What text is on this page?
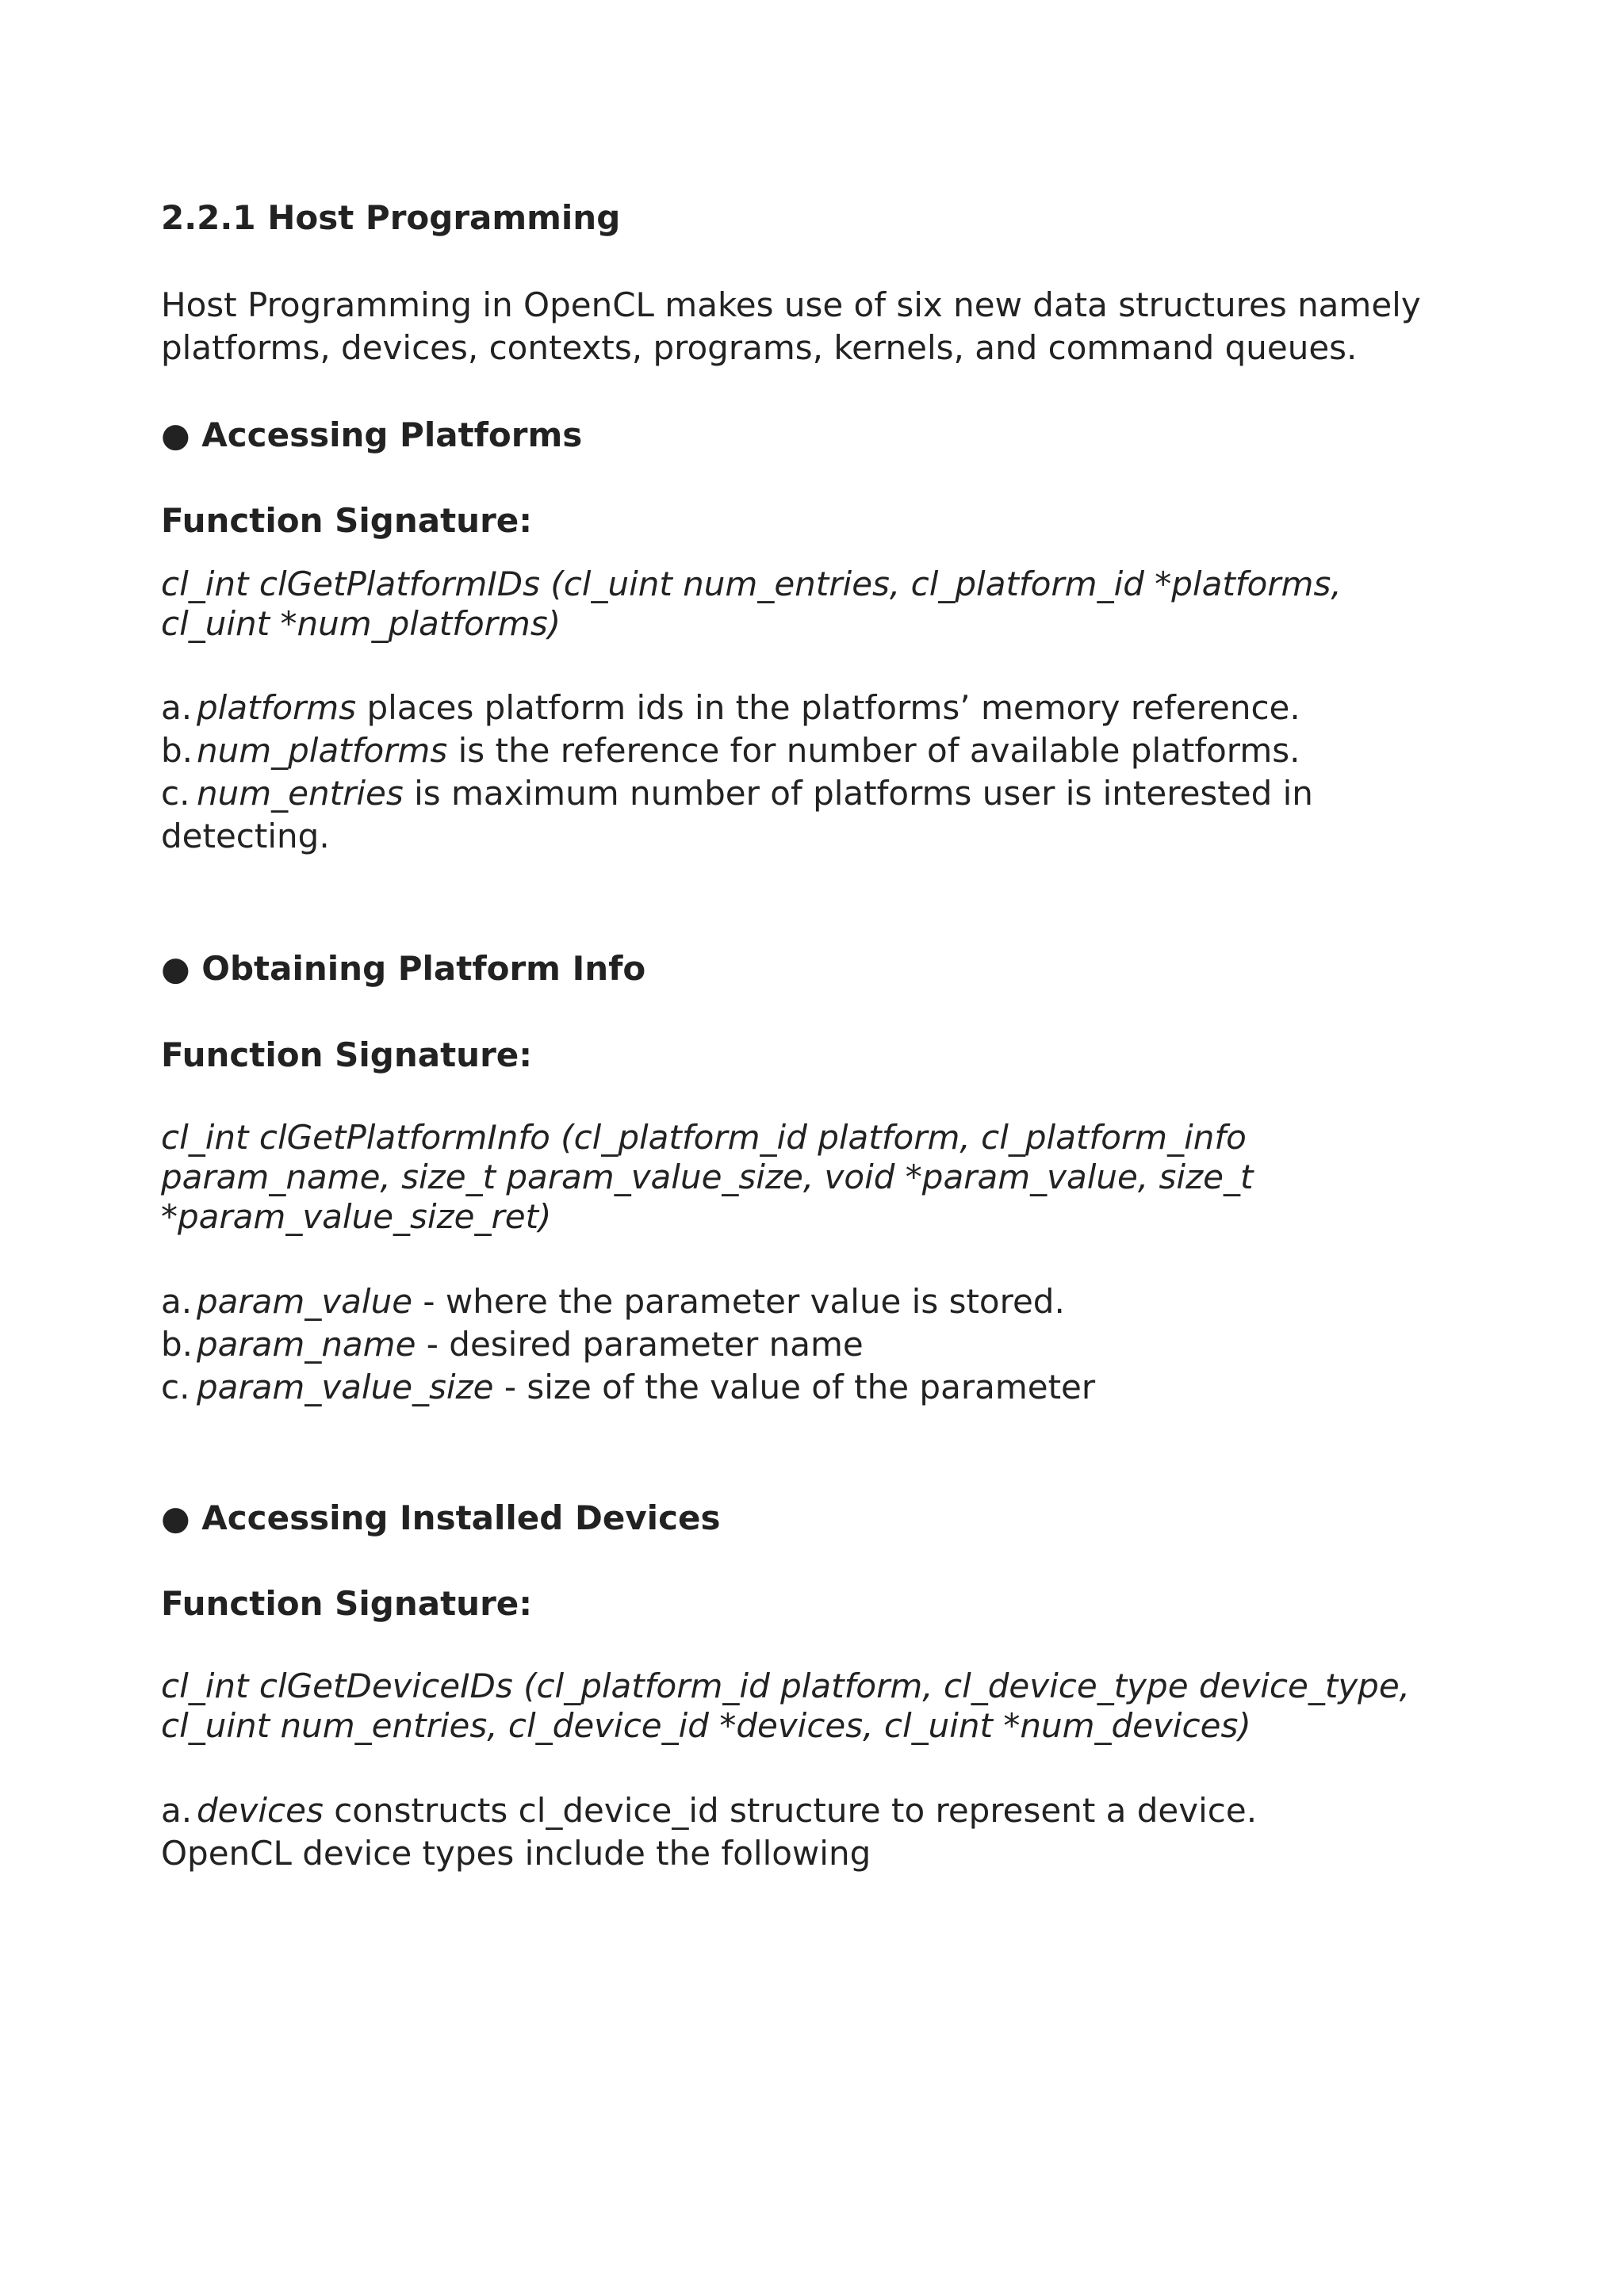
2.2.1 Host Programming

Host Programming in OpenCL makes use of six new data structures namely
platforms, devices, contexts, programs, kernels, and command queues.

● Accessing Platforms

Function Signature:

cl_int clGetPlatformIDs (cl_uint num_entries, cl_platform_id *platforms,
cl_uint *num_platforms)

a. platforms places platform ids in the platforms’ memory reference.
b. num_platforms is the reference for number of available platforms.
c. num_entries is maximum number of platforms user is interested in
detecting.
● Obtaining Platform Info

Function Signature:

cl_int clGetPlatformInfo (cl_platform_id platform, cl_platform_info
param_name, size_t param_value_size, void *param_value, size_t
*param_value_size_ret)

a. param_value - where the parameter value is stored.
b. param_name - desired parameter name
c. param_value_size - size of the value of the parameter
● Accessing Installed Devices

Function Signature:

cl_int clGetDeviceIDs (cl_platform_id platform, cl_device_type device_type,
cl_uint num_entries, cl_device_id *devices, cl_uint *num_devices)

a. devices constructs cl_device_id structure to represent a device.
OpenCL device types include the following
